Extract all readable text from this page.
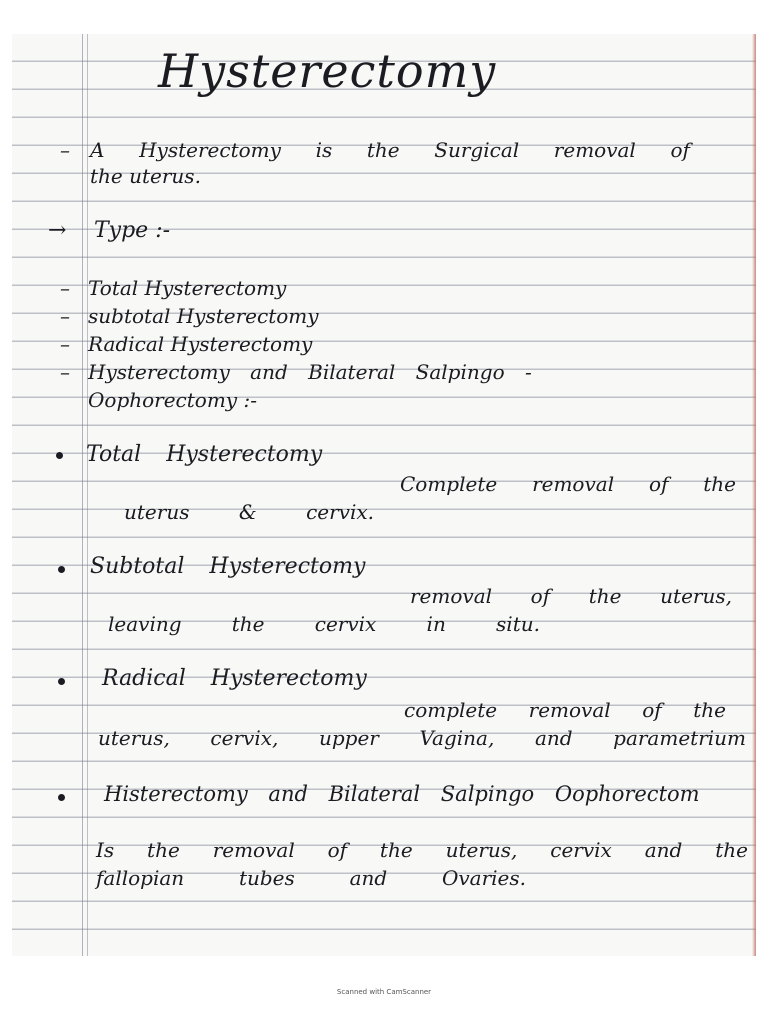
Hysterectomy
– A Hysterectomy is the Surgical removal of
the uterus.
→ Type :-
– Total Hysterectomy
– subtotal Hysterectomy
– Radical Hysterectomy
– Hysterectomy and Bilateral Salpingo -
Oophorectomy :-
Total Hysterectomy
Complete removal of the
uterus & cervix.
Subtotal Hysterectomy
removal of the uterus,
leaving	the	cervix	in	situ.
Radical Hysterectomy
complete removal of the
uterus, cervix, upper Vagina, and parametrium
Histerectomy and Bilateral Salpingo Oophorectom
Is the removal of the uterus, cervix and the
fallopian	tubes	and	Ovaries.
Scanned with CamScanner
